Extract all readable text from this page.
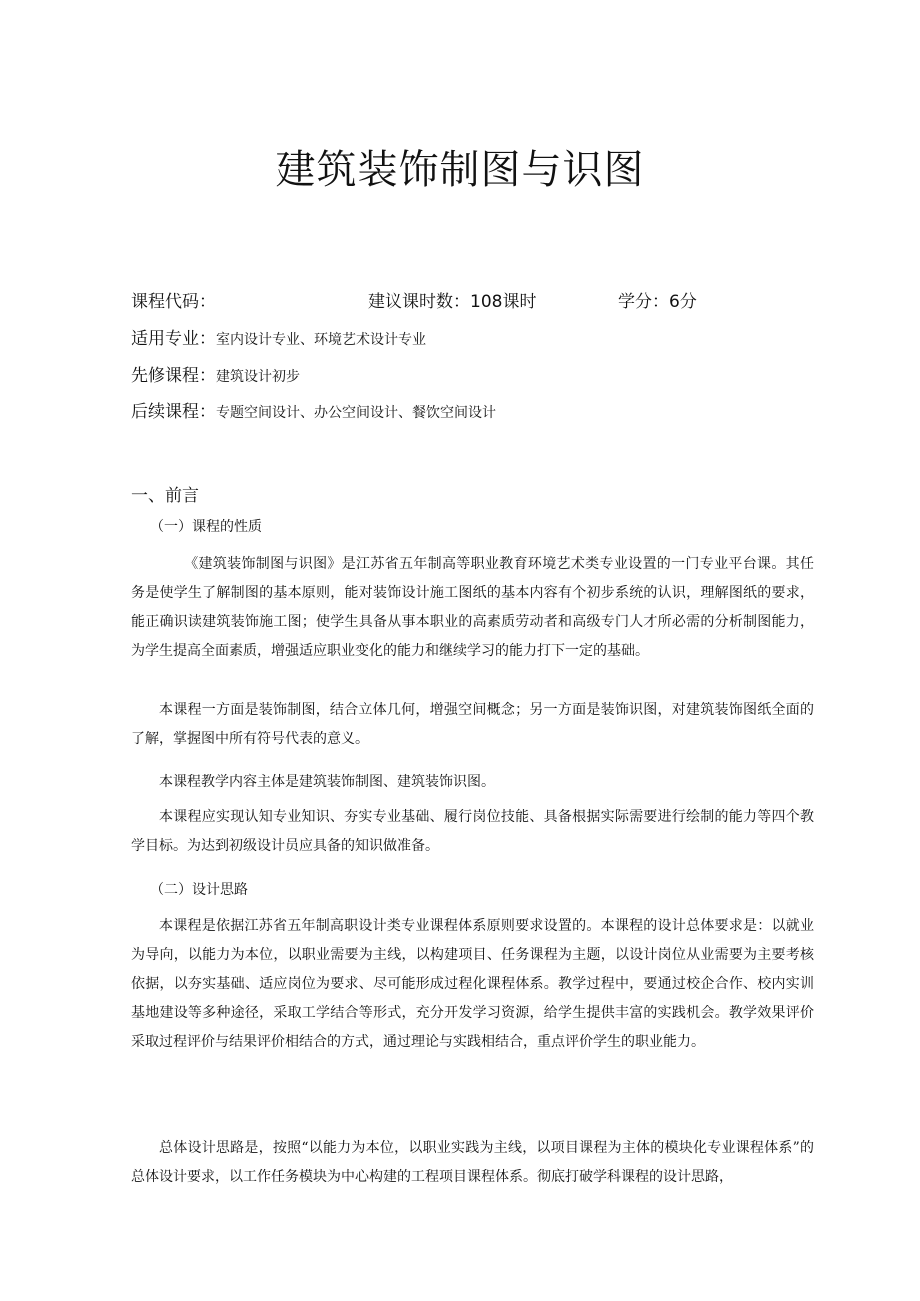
建筑装饰制图与识图
课程代码：	建议课时数：108课时	学分：6分
适用专业：室内设计专业、环境艺术设计专业
先修课程：建筑设计初步
后续课程：专题空间设计、办公空间设计、餐饮空间设计
一、前言
（一）课程的性质
《建筑装饰制图与识图》是江苏省五年制高等职业教育环境艺术类专业设置的一门专业平台课。其任务是使学生了解制图的基本原则，能对装饰设计施工图纸的基本内容有个初步系统的认识，理解图纸的要求，能正确识读建筑装饰施工图；使学生具备从事本职业的高素质劳动者和高级专门人才所必需的分析制图能力，为学生提高全面素质，增强适应职业变化的能力和继续学习的能力打下一定的基础。
本课程一方面是装饰制图，结合立体几何，增强空间概念；另一方面是装饰识图，对建筑装饰图纸全面的了解，掌握图中所有符号代表的意义。
本课程教学内容主体是建筑装饰制图、建筑装饰识图。
本课程应实现认知专业知识、夯实专业基础、履行岗位技能、具备根据实际需要进行绘制的能力等四个教学目标。为达到初级设计员应具备的知识做准备。
（二）设计思路
本课程是依据江苏省五年制高职设计类专业课程体系原则要求设置的。本课程的设计总体要求是：以就业为导向，以能力为本位，以职业需要为主线，以构建项目、任务课程为主题，以设计岗位从业需要为主要考核依据，以夯实基础、适应岗位为要求、尽可能形成过程化课程体系。教学过程中，要通过校企合作、校内实训基地建设等多种途径，采取工学结合等形式，充分开发学习资源，给学生提供丰富的实践机会。教学效果评价采取过程评价与结果评价相结合的方式，通过理论与实践相结合，重点评价学生的职业能力。
总体设计思路是，按照“以能力为本位，以职业实践为主线，以项目课程为主体的模块化专业课程体系”的总体设计要求，以工作任务模块为中心构建的工程项目课程体系。彻底打破学科课程的设计思路，
